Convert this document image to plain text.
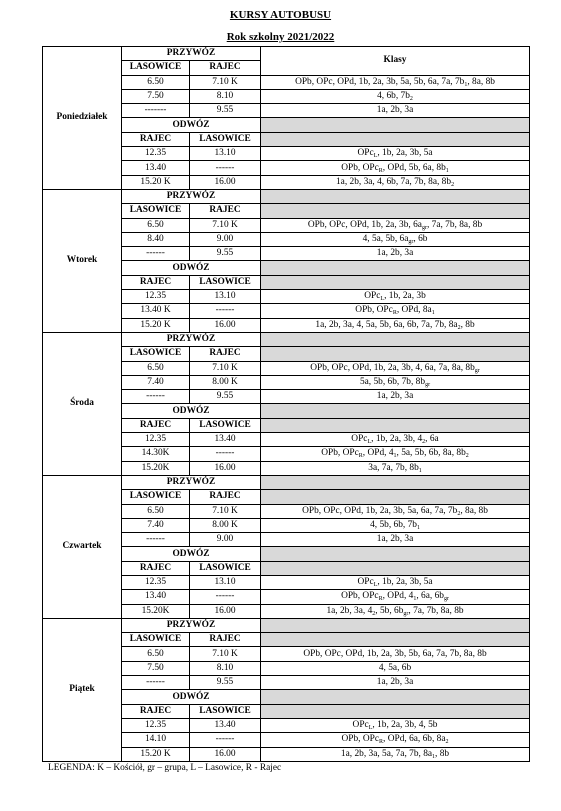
KURSY AUTOBUSU
Rok szkolny 2021/2022
Poniedziałek	PRZYWÓZ		Klasy
	LASOWICE	RAJEC	
	6.50	7.10 K	OPb, OPc, OPd, 1b, 2a, 3b, 5a, 5b, 6a, 7a, $7b_1$, 8a, 8b
	7.50	8.10	4, 6b, $7b_2$
	-------	9.55	1a, 2b, 3a
	ODWÓZ		
	RAJEC	LASOWICE	
	12.35	13.10	OPc$_L$, 1b, 2a, 3b, 5a
	13.40	------	OPb, OPc$_R$, OPd, 5b, 6a, $8b_1$
	15.20 K	16.00	1a, 2b, 3a, 4, 6b, 7a, 7b, 8a, $8b_2$
Wtorek	PRZYWÓZ		
	LASOWICE	RAJEC	
	6.50	7.10 K	OPb, OPc, OPd, 1b, 2a, 3b, $6a_{gr}$, 7a, 7b, 8a, 8b
	8.40	9.00	4, 5a, 5b, $6a_{gr}$, 6b
	------	9.55	1a, 2b, 3a
	ODWÓZ		
	RAJEC	LASOWICE	
	12.35	13.10	OPc$_L$, 1b, 2a, 3b
	13.40 K	------	OPb, OPc$_R$, OPd, $8a_1$
	15.20 K	16.00	1a, 2b, 3a, 4, 5a, 5b, 6a, 6b, 7a, 7b, $8a_2$, 8b
Środa	PRZYWÓZ		
	LASOWICE	RAJEC	
	6.50	7.10 K	OPb, OPc, OPd, 1b, 2a, 3b, 4, 6a, 7a, 8a, $8b_{gr}$
	7.40	8.00 K	5a, 5b, 6b, 7b, $8b_{gr}$
	------	9.55	1a, 2b, 3a
	ODWÓZ		
	RAJEC	LASOWICE	
	12.35	13.40	OPc$_L$, 1b, 2a, 3b, $4_2$, 6a
	14.30K	------	OPb, OPc$_R$, OPd, $4_1$, 5a, 5b, 6b, 8a, $8b_2$
	15.20K	16.00	3a, 7a, 7b, $8b_1$
Czwartek	PRZYWÓZ		
	LASOWICE	RAJEC	
	6.50	7.10 K	OPb, OPc, OPd, 1b, 2a, 3b, 5a, 6a, 7a, $7b_2$, 8a, 8b
	7.40	8.00 K	4, 5b, 6b, $7b_1$
	------	9.00	1a, 2b, 3a
	ODWÓZ		
	RAJEC	LASOWICE	
	12.35	13.10	OPc$_L$, 1b, 2a, 3b, 5a
	13.40	------	OPb, OPc$_R$, OPd, $4_1$, 6a, $6b_{gr}$
	15.20K	16.00	1a, 2b, 3a, $4_2$, 5b, $6b_{gr}$, 7a, 7b, 8a, 8b
Piątek	PRZYWÓZ		
	LASOWICE	RAJEC	
	6.50	7.10 K	OPb, OPc, OPd, 1b, 2a, 3b, 5b, 6a, 7a, 7b, 8a, 8b
	7.50	8.10	4, 5a, 6b
	------	9.55	1a, 2b, 3a
	ODWÓZ		
	RAJEC	LASOWICE	
	12.35	13.40	OPc$_L$, 1b, 2a, 3b, 4, 5b
	14.10	------	OPb, OPc$_R$, OPd, 6a, 6b, $8a_2$
	15.20 K	16.00	1a, 2b, 3a, 5a, 7a, 7b, $8a_1$, 8b
LEGENDA: K – Kościół, gr – grupa, L – Lasowice, R - Rajec
